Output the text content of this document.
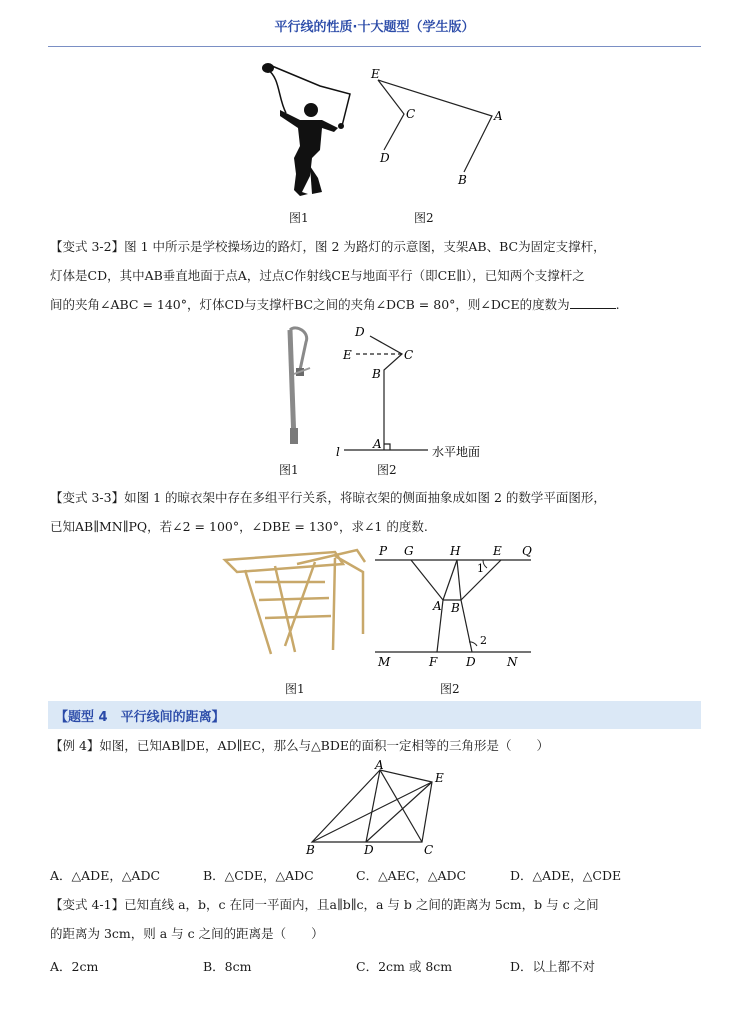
平行线的性质·十大题型（学生版）
E
C
D
A
B
图1	图2
【变式 3-2】图 1 中所示是学校操场边的路灯，图 2 为路灯的示意图，支架AB、BC为固定支撑杆，
灯体是CD，其中AB垂直地面于点A，过点C作射线CE与地面平行（即CE∥l），已知两个支撑杆之
间的夹角∠ABC = 140°，灯体CD与支撑杆BC之间的夹角∠DCB = 80°，则∠DCE的度数为	.
D
E	C
B
A
l	水平地面
图1	图2
【变式 3-3】如图 1 的晾衣架中存在多组平行关系，将晾衣架的侧面抽象成如图 2 的数学平面图形，
已知AB∥MN∥PQ，若∠2 = 100°，∠DBE = 130°，求∠1 的度数.
P G	H	E Q
1
A B
2
M	F D	N
图1	图2
【题型 4　平行线间的距离】
【例 4】如图，已知AB∥DE，AD∥EC，那么与△BDE的面积一定相等的三角形是（　　）
A
E
B	D	C
A．△ADE，△ADC	B．△CDE，△ADC	C．△AEC，△ADC	D．△ADE，△CDE
【变式 4-1】已知直线 a，b，c 在同一平面内，且a∥b∥c，a 与 b 之间的距离为 5cm，b 与 c 之间
的距离为 3cm，则 a 与 c 之间的距离是（　　）
A．2cm	B．8cm	C．2cm 或 8cm	D．以上都不对
